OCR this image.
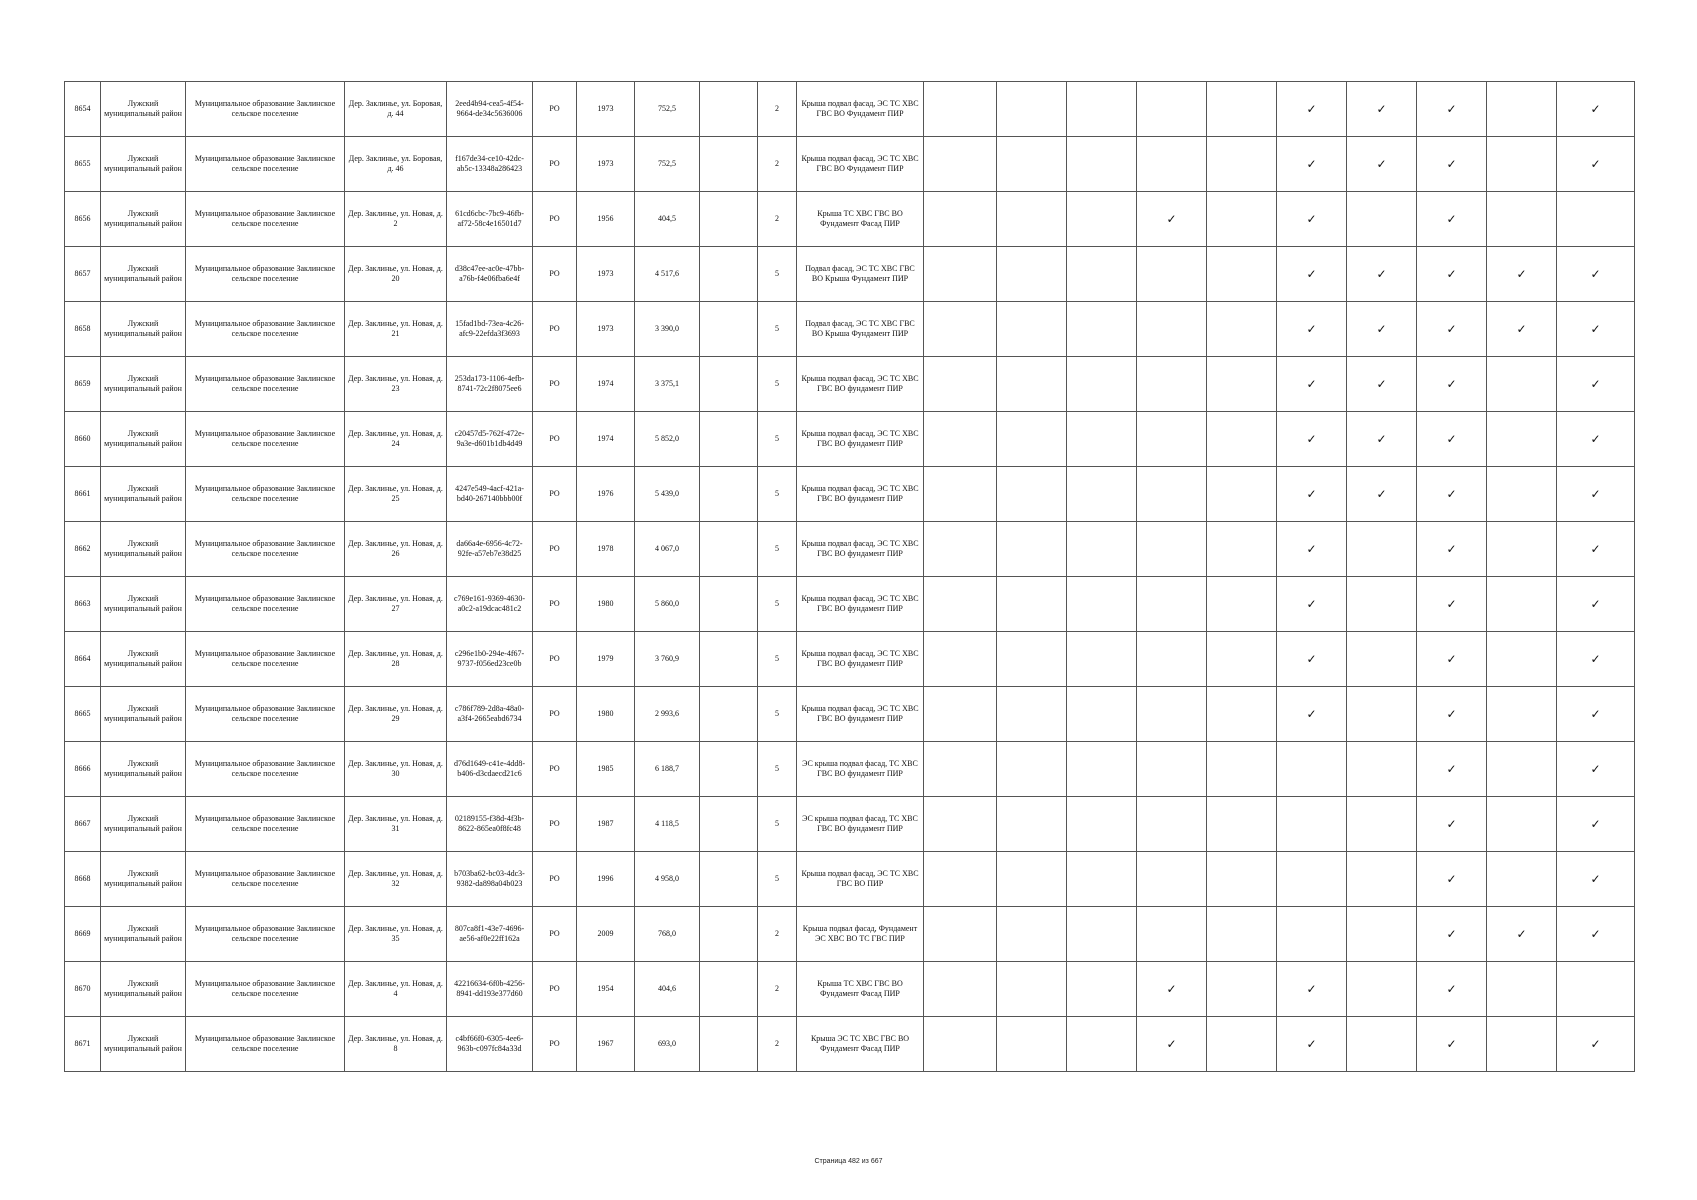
8654	Лужский муниципальный район	Муниципальное образование Заклинское сельское поселение	Дер. Заклинье, ул. Боровая, д. 44	2eed4b94-cea5-4f54-9664-de34c5636006	РО	1973	752,5		2	Крыша подвал фасад, ЭС ТС ХВС ГВС ВО Фундамент ПИР						✓	✓	✓		✓
8655	Лужский муниципальный район	Муниципальное образование Заклинское сельское поселение	Дер. Заклинье, ул. Боровая, д. 46	f167de34-ce10-42dc-ab5c-13348a286423	РО	1973	752,5		2	Крыша подвал фасад, ЭС ТС ХВС ГВС ВО Фундамент ПИР						✓	✓	✓		✓
8656	Лужский муниципальный район	Муниципальное образование Заклинское сельское поселение	Дер. Заклинье, ул. Новая, д. 2	61cd6cbc-7bc9-46fb-af72-58c4e16501d7	РО	1956	404,5		2	Крыша ТС ХВС ГВС ВО Фундамент Фасад ПИР				✓		✓		✓		
8657	Лужский муниципальный район	Муниципальное образование Заклинское сельское поселение	Дер. Заклинье, ул. Новая, д. 20	d38c47ee-ac0e-47bb-a76b-f4e06fba6e4f	РО	1973	4 517,6		5	Подвал фасад, ЭС ТС ХВС ГВС ВО Крыша Фундамент ПИР						✓	✓	✓	✓	✓
8658	Лужский муниципальный район	Муниципальное образование Заклинское сельское поселение	Дер. Заклинье, ул. Новая, д. 21	15fad1bd-73ea-4c26-afc9-22efda3f3693	РО	1973	3 390,0		5	Подвал фасад, ЭС ТС ХВС ГВС ВО Крыша Фундамент ПИР						✓	✓	✓	✓	✓
8659	Лужский муниципальный район	Муниципальное образование Заклинское сельское поселение	Дер. Заклинье, ул. Новая, д. 23	253da173-1106-4efb-8741-72c2f8075ee6	РО	1974	3 375,1		5	Крыша подвал фасад, ЭС ТС ХВС ГВС ВО фундамент ПИР						✓	✓	✓		✓
8660	Лужский муниципальный район	Муниципальное образование Заклинское сельское поселение	Дер. Заклинье, ул. Новая, д. 24	c20457d5-762f-472e-9a3e-d601b1db4d49	РО	1974	5 852,0		5	Крыша подвал фасад, ЭС ТС ХВС ГВС ВО фундамент ПИР						✓	✓	✓		✓
8661	Лужский муниципальный район	Муниципальное образование Заклинское сельское поселение	Дер. Заклинье, ул. Новая, д. 25	4247e549-4acf-421a-bd40-267140bbb00f	РО	1976	5 439,0		5	Крыша подвал фасад, ЭС ТС ХВС ГВС ВО фундамент ПИР						✓	✓	✓		✓
8662	Лужский муниципальный район	Муниципальное образование Заклинское сельское поселение	Дер. Заклинье, ул. Новая, д. 26	da66a4e-6956-4c72-92fe-a57eb7e38d25	РО	1978	4 067,0		5	Крыша подвал фасад, ЭС ТС ХВС ГВС ВО фундамент ПИР						✓		✓		✓
8663	Лужский муниципальный район	Муниципальное образование Заклинское сельское поселение	Дер. Заклинье, ул. Новая, д. 27	c769e161-9369-4630-a0c2-a19dcac481c2	РО	1980	5 860,0		5	Крыша подвал фасад, ЭС ТС ХВС ГВС ВО фундамент ПИР						✓		✓		✓
8664	Лужский муниципальный район	Муниципальное образование Заклинское сельское поселение	Дер. Заклинье, ул. Новая, д. 28	c296e1b0-294e-4f67-9737-f056ed23ce0b	РО	1979	3 760,9		5	Крыша подвал фасад, ЭС ТС ХВС ГВС ВО фундамент ПИР						✓		✓		✓
8665	Лужский муниципальный район	Муниципальное образование Заклинское сельское поселение	Дер. Заклинье, ул. Новая, д. 29	c786f789-2d8a-48a0-a3f4-2665eabd6734	РО	1980	2 993,6		5	Крыша подвал фасад, ЭС ТС ХВС ГВС ВО фундамент ПИР						✓		✓		✓
8666	Лужский муниципальный район	Муниципальное образование Заклинское сельское поселение	Дер. Заклинье, ул. Новая, д. 30	d76d1649-c41e-4dd8-b406-d3cdaecd21c6	РО	1985	6 188,7		5	ЭС крыша подвал фасад, ТС ХВС ГВС ВО фундамент ПИР								✓		✓
8667	Лужский муниципальный район	Муниципальное образование Заклинское сельское поселение	Дер. Заклинье, ул. Новая, д. 31	02189155-f38d-4f3b-8622-865ea0f8fc48	РО	1987	4 118,5		5	ЭС крыша подвал фасад, ТС ХВС ГВС ВО фундамент ПИР								✓		✓
8668	Лужский муниципальный район	Муниципальное образование Заклинское сельское поселение	Дер. Заклинье, ул. Новая, д. 32	b703ba62-bc03-4dc3-9382-da898a04b023	РО	1996	4 958,0		5	Крыша подвал фасад, ЭС ТС ХВС ГВС ВО ПИР								✓		✓
8669	Лужский муниципальный район	Муниципальное образование Заклинское сельское поселение	Дер. Заклинье, ул. Новая, д. 35	807ca8f1-43e7-4696-ae56-af0e22ff162a	РО	2009	768,0		2	Крыша подвал фасад, Фундамент ЭС ХВС ВО ТС ГВС ПИР								✓	✓	✓
8670	Лужский муниципальный район	Муниципальное образование Заклинское сельское поселение	Дер. Заклинье, ул. Новая, д. 4	42216634-6f0b-4256-8941-dd193e377d60	РО	1954	404,6		2	Крыша ТС ХВС ГВС ВО Фундамент Фасад ПИР				✓		✓		✓		
8671	Лужский муниципальный район	Муниципальное образование Заклинское сельское поселение	Дер. Заклинье, ул. Новая, д. 8	c4bf66f0-6305-4ee6-963b-c097fc84a33d	РО	1967	693,0		2	Крыша ЭС ТС ХВС ГВС ВО Фундамент Фасад ПИР				✓		✓		✓		✓
Страница 482 из 667
